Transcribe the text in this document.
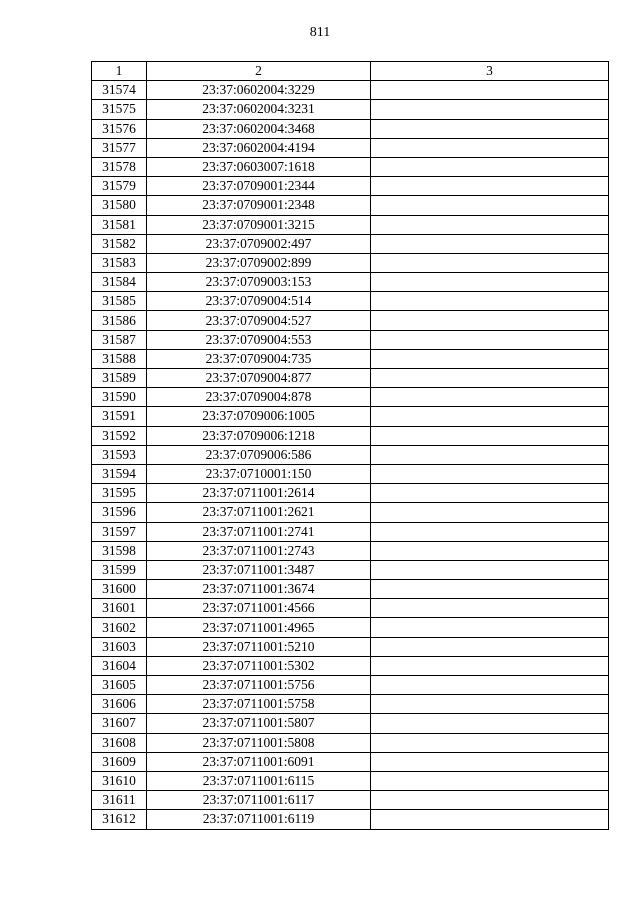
811
1	2	3
31574	23:37:0602004:3229	
31575	23:37:0602004:3231	
31576	23:37:0602004:3468	
31577	23:37:0602004:4194	
31578	23:37:0603007:1618	
31579	23:37:0709001:2344	
31580	23:37:0709001:2348	
31581	23:37:0709001:3215	
31582	23:37:0709002:497	
31583	23:37:0709002:899	
31584	23:37:0709003:153	
31585	23:37:0709004:514	
31586	23:37:0709004:527	
31587	23:37:0709004:553	
31588	23:37:0709004:735	
31589	23:37:0709004:877	
31590	23:37:0709004:878	
31591	23:37:0709006:1005	
31592	23:37:0709006:1218	
31593	23:37:0709006:586	
31594	23:37:0710001:150	
31595	23:37:0711001:2614	
31596	23:37:0711001:2621	
31597	23:37:0711001:2741	
31598	23:37:0711001:2743	
31599	23:37:0711001:3487	
31600	23:37:0711001:3674	
31601	23:37:0711001:4566	
31602	23:37:0711001:4965	
31603	23:37:0711001:5210	
31604	23:37:0711001:5302	
31605	23:37:0711001:5756	
31606	23:37:0711001:5758	
31607	23:37:0711001:5807	
31608	23:37:0711001:5808	
31609	23:37:0711001:6091	
31610	23:37:0711001:6115	
31611	23:37:0711001:6117	
31612	23:37:0711001:6119	
